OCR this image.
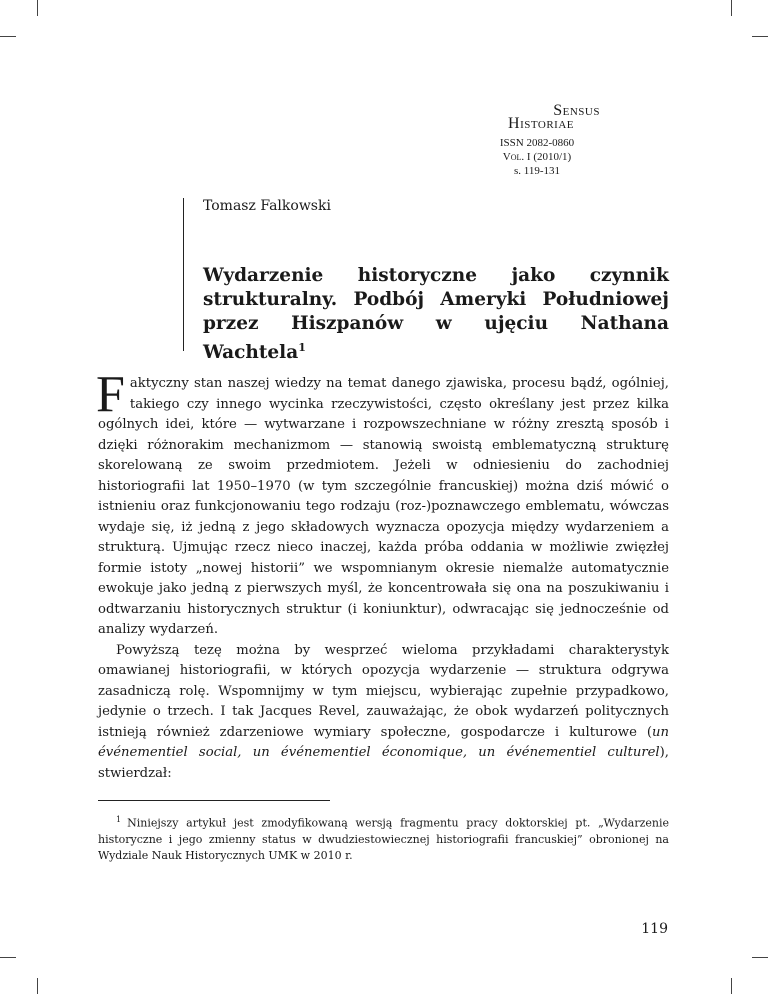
Sensus
Historiae
ISSN 2082-0860
Vol. I (2010/1)
s. 119-131
Tomasz Falkowski
Wydarzenie historyczne jako czynnik strukturalny. Podbój Ameryki Południowej przez Hiszpanów w ujęciu Nathana Wachtela$^1$

Faktyczny stan naszej wiedzy na temat danego zjawiska, procesu bądź, ogólniej, takiego czy innego wycinka rzeczywistości, często określany jest przez kilka ogólnych idei, które — wytwarzane i rozpowszechniane w różny zresztą sposób i dzięki różnorakim mechanizmom — stanowią swoistą emblematyczną strukturę skorelowaną ze swoim przedmiotem. Jeżeli w odniesieniu do zachodniej historiografii lat 1950–1970 (w tym szczególnie francuskiej) można dziś mówić o istnieniu oraz funkcjonowaniu tego rodzaju (roz-)poznawczego emblematu, wówczas wydaje się, iż jedną z jego składowych wyznacza opozycja między wydarzeniem a strukturą. Ujmując rzecz nieco inaczej, każda próba oddania w możliwie zwięzłej formie istoty „nowej historii” we wspomnianym okresie niemalże automatycznie ewokuje jako jedną z pierwszych myśl, że koncentrowała się ona na poszukiwaniu i odtwarzaniu historycznych struktur (i koniunktur), odwracając się jednocześnie od analizy wydarzeń.

Powyższą tezę można by wesprzeć wieloma przykładami charakterystyk omawianej historiografii, w których opozycja wydarzenie — struktura odgrywa zasadniczą rolę. Wspomnijmy w tym miejscu, wybierając zupełnie przypadkowo, jedynie o trzech. I tak Jacques Revel, zauważając, że obok wydarzeń politycznych istnieją również zdarzeniowe wymiary społeczne, gospodarcze i kulturowe (un événementiel social, un événementiel économique, un événementiel culturel), stwierdzał:

$^1$ Niniejszy artykuł jest zmodyfikowaną wersją fragmentu pracy doktorskiej pt. „Wydarzenie historyczne i jego zmienny status w dwudziestowiecznej historiografii francuskiej” obronionej na Wydziale Nauk Historycznych UMK w 2010 r.
119
